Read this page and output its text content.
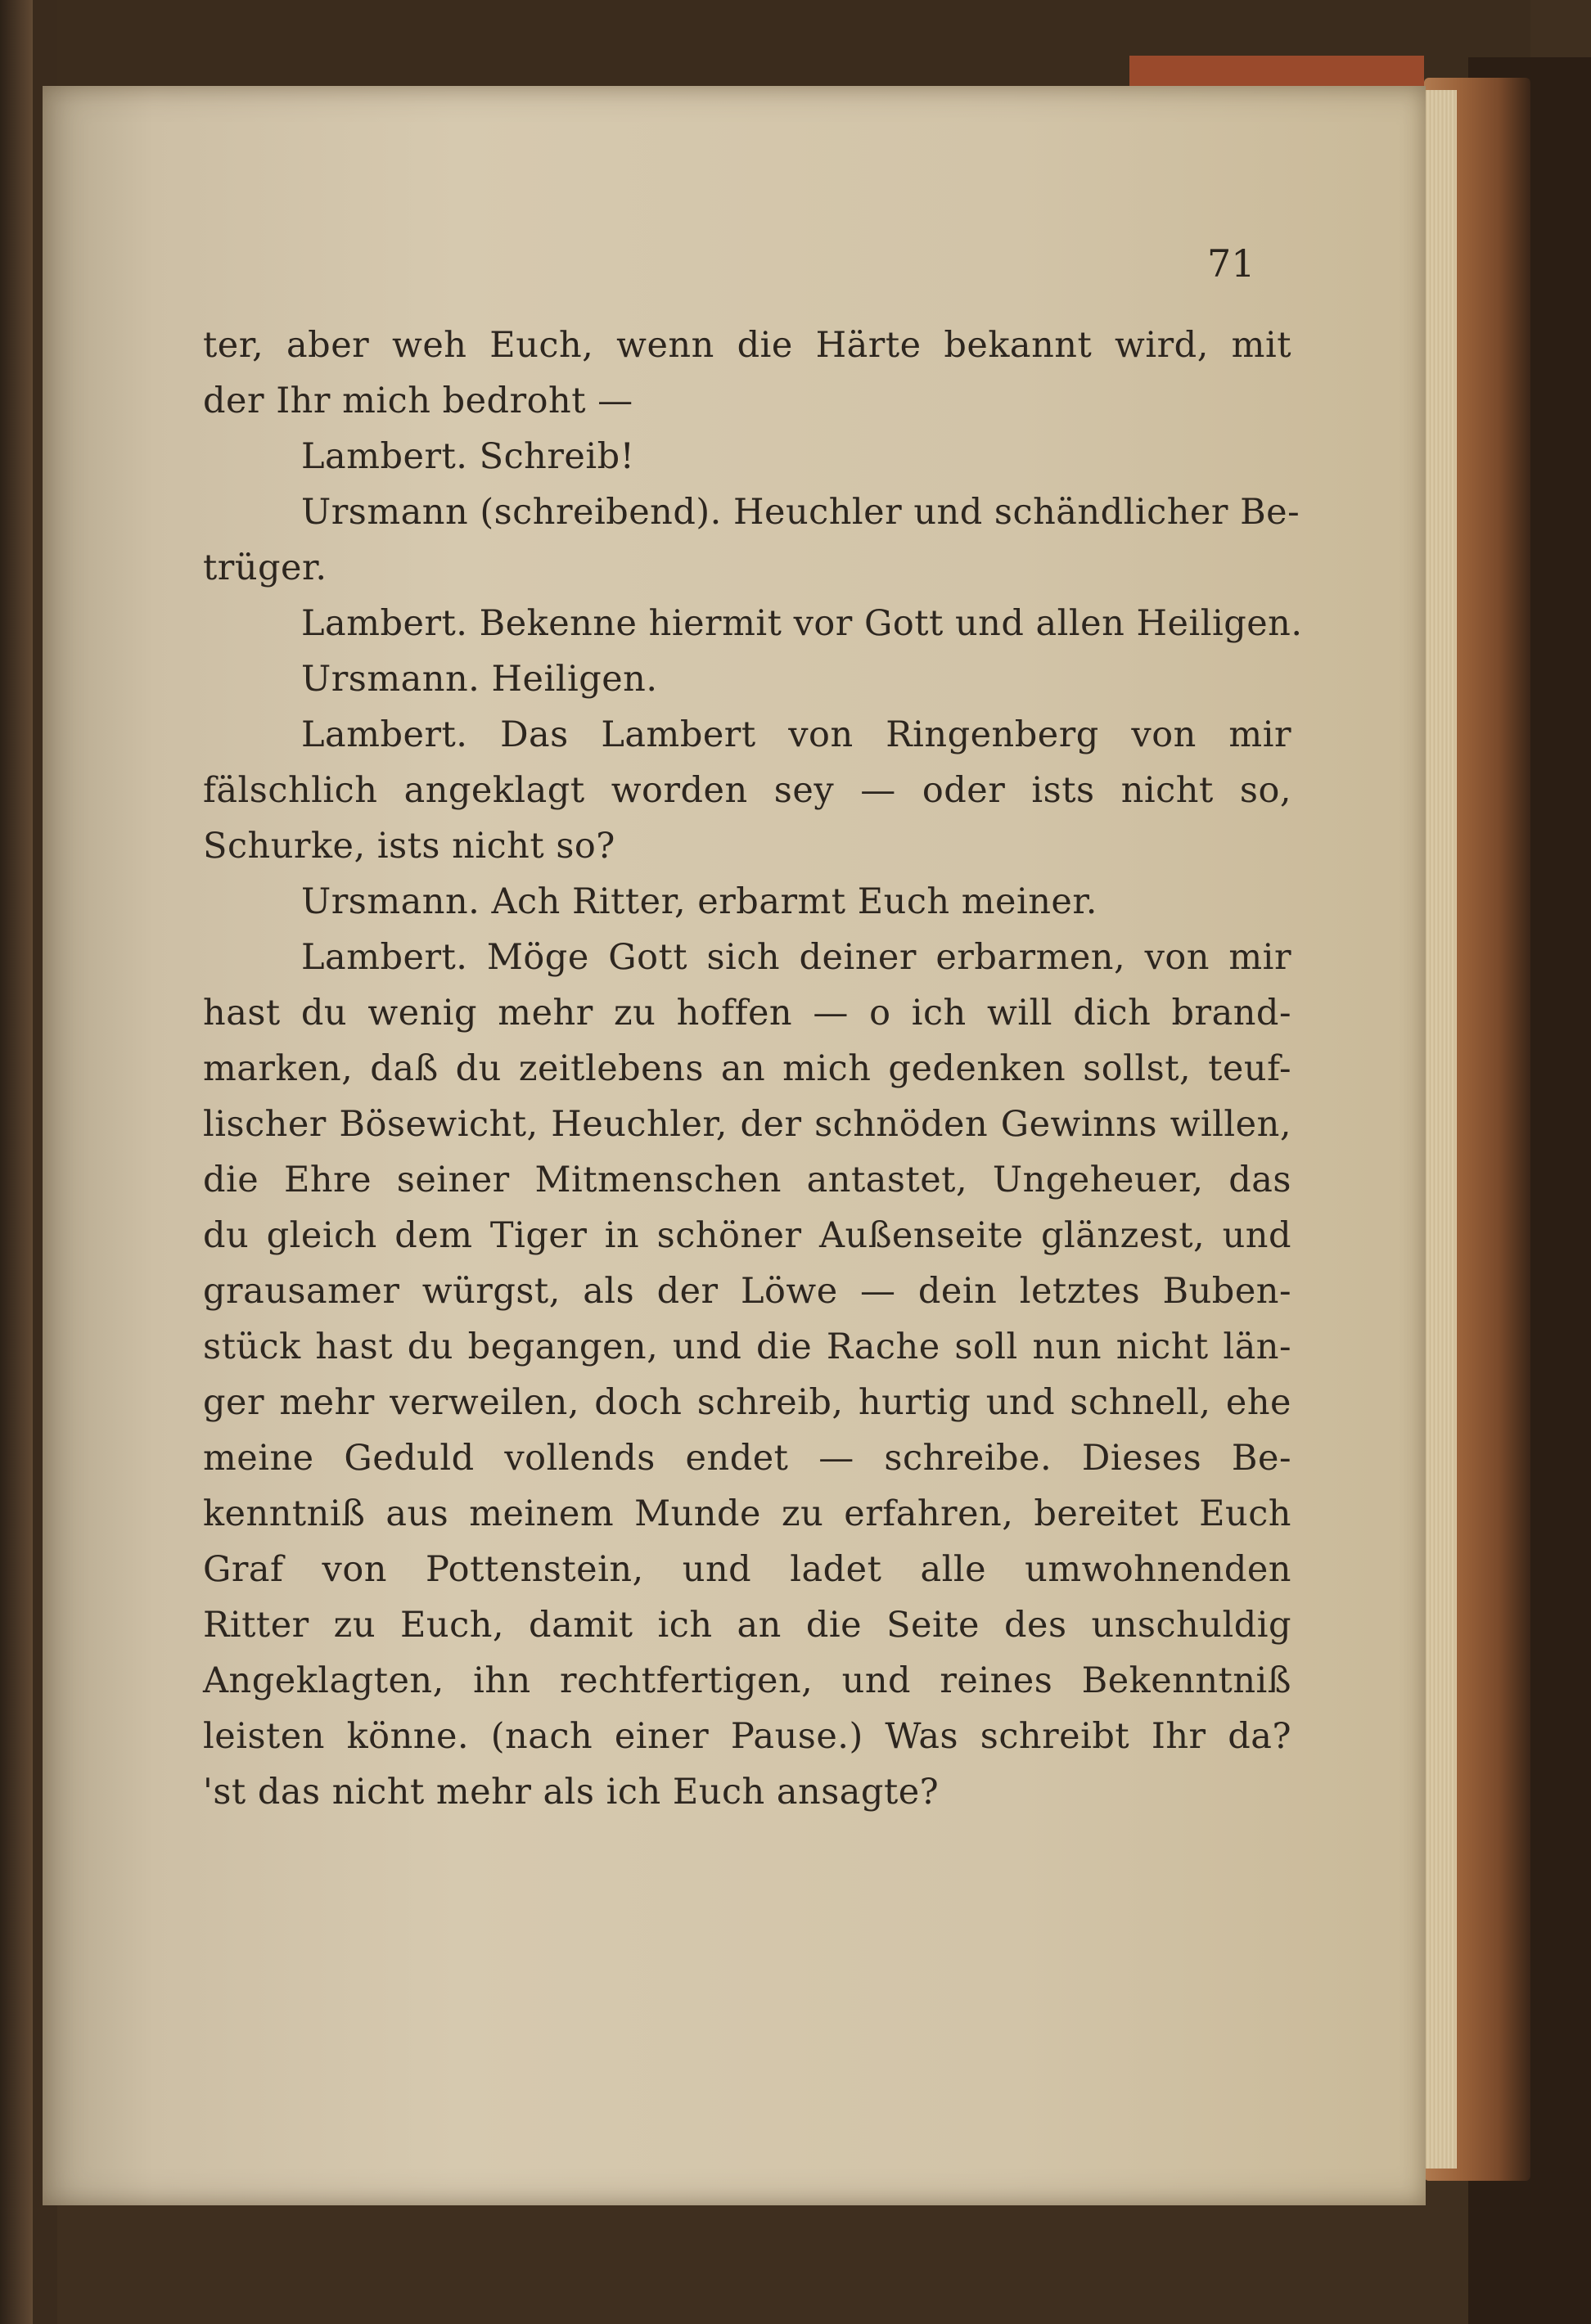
71

ter, aber weh Euch, wenn die Härte bekannt wird, mit

der Ihr mich bedroht —

Lambert. Schreib!

Ursmann (schreibend). Heuchler und schändlicher Be-

trüger.

Lambert. Bekenne hiermit vor Gott und allen Heiligen.

Ursmann. Heiligen.

Lambert. Das Lambert von Ringenberg von mir

fälschlich angeklagt worden sey — oder ists nicht so,

Schurke, ists nicht so?

Ursmann. Ach Ritter, erbarmt Euch meiner.

Lambert. Möge Gott sich deiner erbarmen, von mir

hast du wenig mehr zu hoffen — o ich will dich brand-

marken, daß du zeitlebens an mich gedenken sollst, teuf-

lischer Bösewicht, Heuchler, der schnöden Gewinns willen,

die Ehre seiner Mitmenschen antastet, Ungeheuer, das

du gleich dem Tiger in schöner Außenseite glänzest, und

grausamer würgst, als der Löwe — dein letztes Buben-

stück hast du begangen, und die Rache soll nun nicht län-

ger mehr verweilen, doch schreib, hurtig und schnell, ehe

meine Geduld vollends endet — schreibe. Dieses Be-

kenntniß aus meinem Munde zu erfahren, bereitet Euch

Graf von Pottenstein, und ladet alle umwohnenden

Ritter zu Euch, damit ich an die Seite des unschuldig

Angeklagten, ihn rechtfertigen, und reines Bekenntniß

leisten könne. (nach einer Pause.) Was schreibt Ihr da?

'st das nicht mehr als ich Euch ansagte?
